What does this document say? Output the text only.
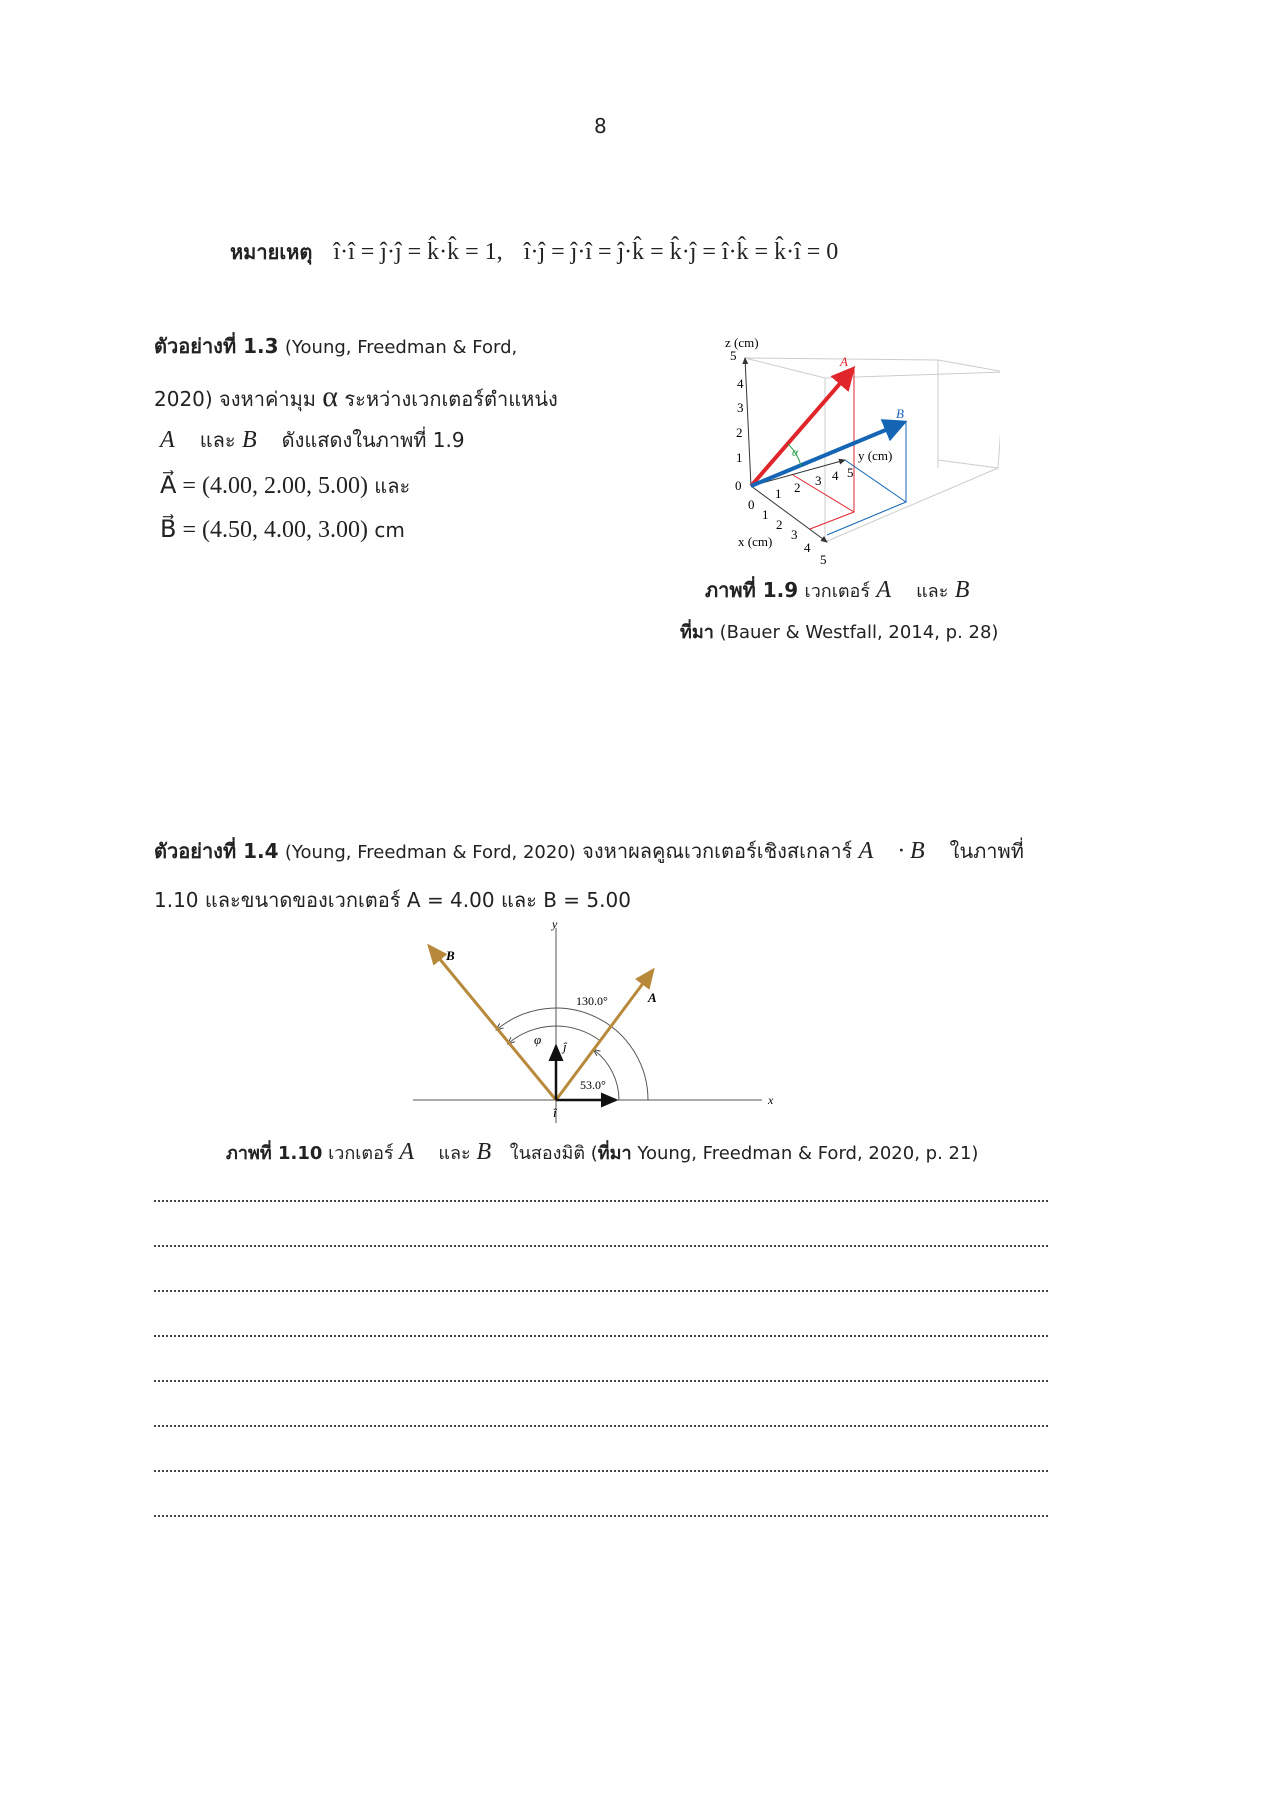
8
หมายเหตุ î·î = ĵ·ĵ = k̂·k̂ = 1, î·ĵ = ĵ·î = ĵ·k̂ = k̂·ĵ = î·k̂ = k̂·î = 0
ตัวอย่างที่ 1.3 (Young, Freedman & Ford,
2020) จงหาค่ามุม α ระหว่างเวกเตอร์ตำแหน่ง
A⃗ และ B⃗ ดังแสดงในภาพที่ 1.9
A⃗ = (4.00, 2.00, 5.00) และ
B⃗ = (4.50, 4.00, 3.00) cm
α
A⃗
B⃗
z (cm)
y (cm)
x (cm)
0
1
2
3
4
5
1 2 3 4 5
0
1
2
3
4
5
ภาพที่ 1.9 เวกเตอร์ A⃗ และ B⃗
ที่มา (Bauer & Westfall, 2014, p. 28)
ตัวอย่างที่ 1.4 (Young, Freedman & Ford, 2020) จงหาผลคูณเวกเตอร์เชิงสเกลาร์ A⃗ · B⃗ ในภาพที่
1.10 และขนาดของเวกเตอร์ A = 4.00 และ B = 5.00
x
y
B⃗
A⃗
ĵ
î
130.0°
53.0°
φ
ภาพที่ 1.10 เวกเตอร์ A⃗ และ B⃗ในสองมิติ (ที่มา Young, Freedman & Ford, 2020, p. 21)
